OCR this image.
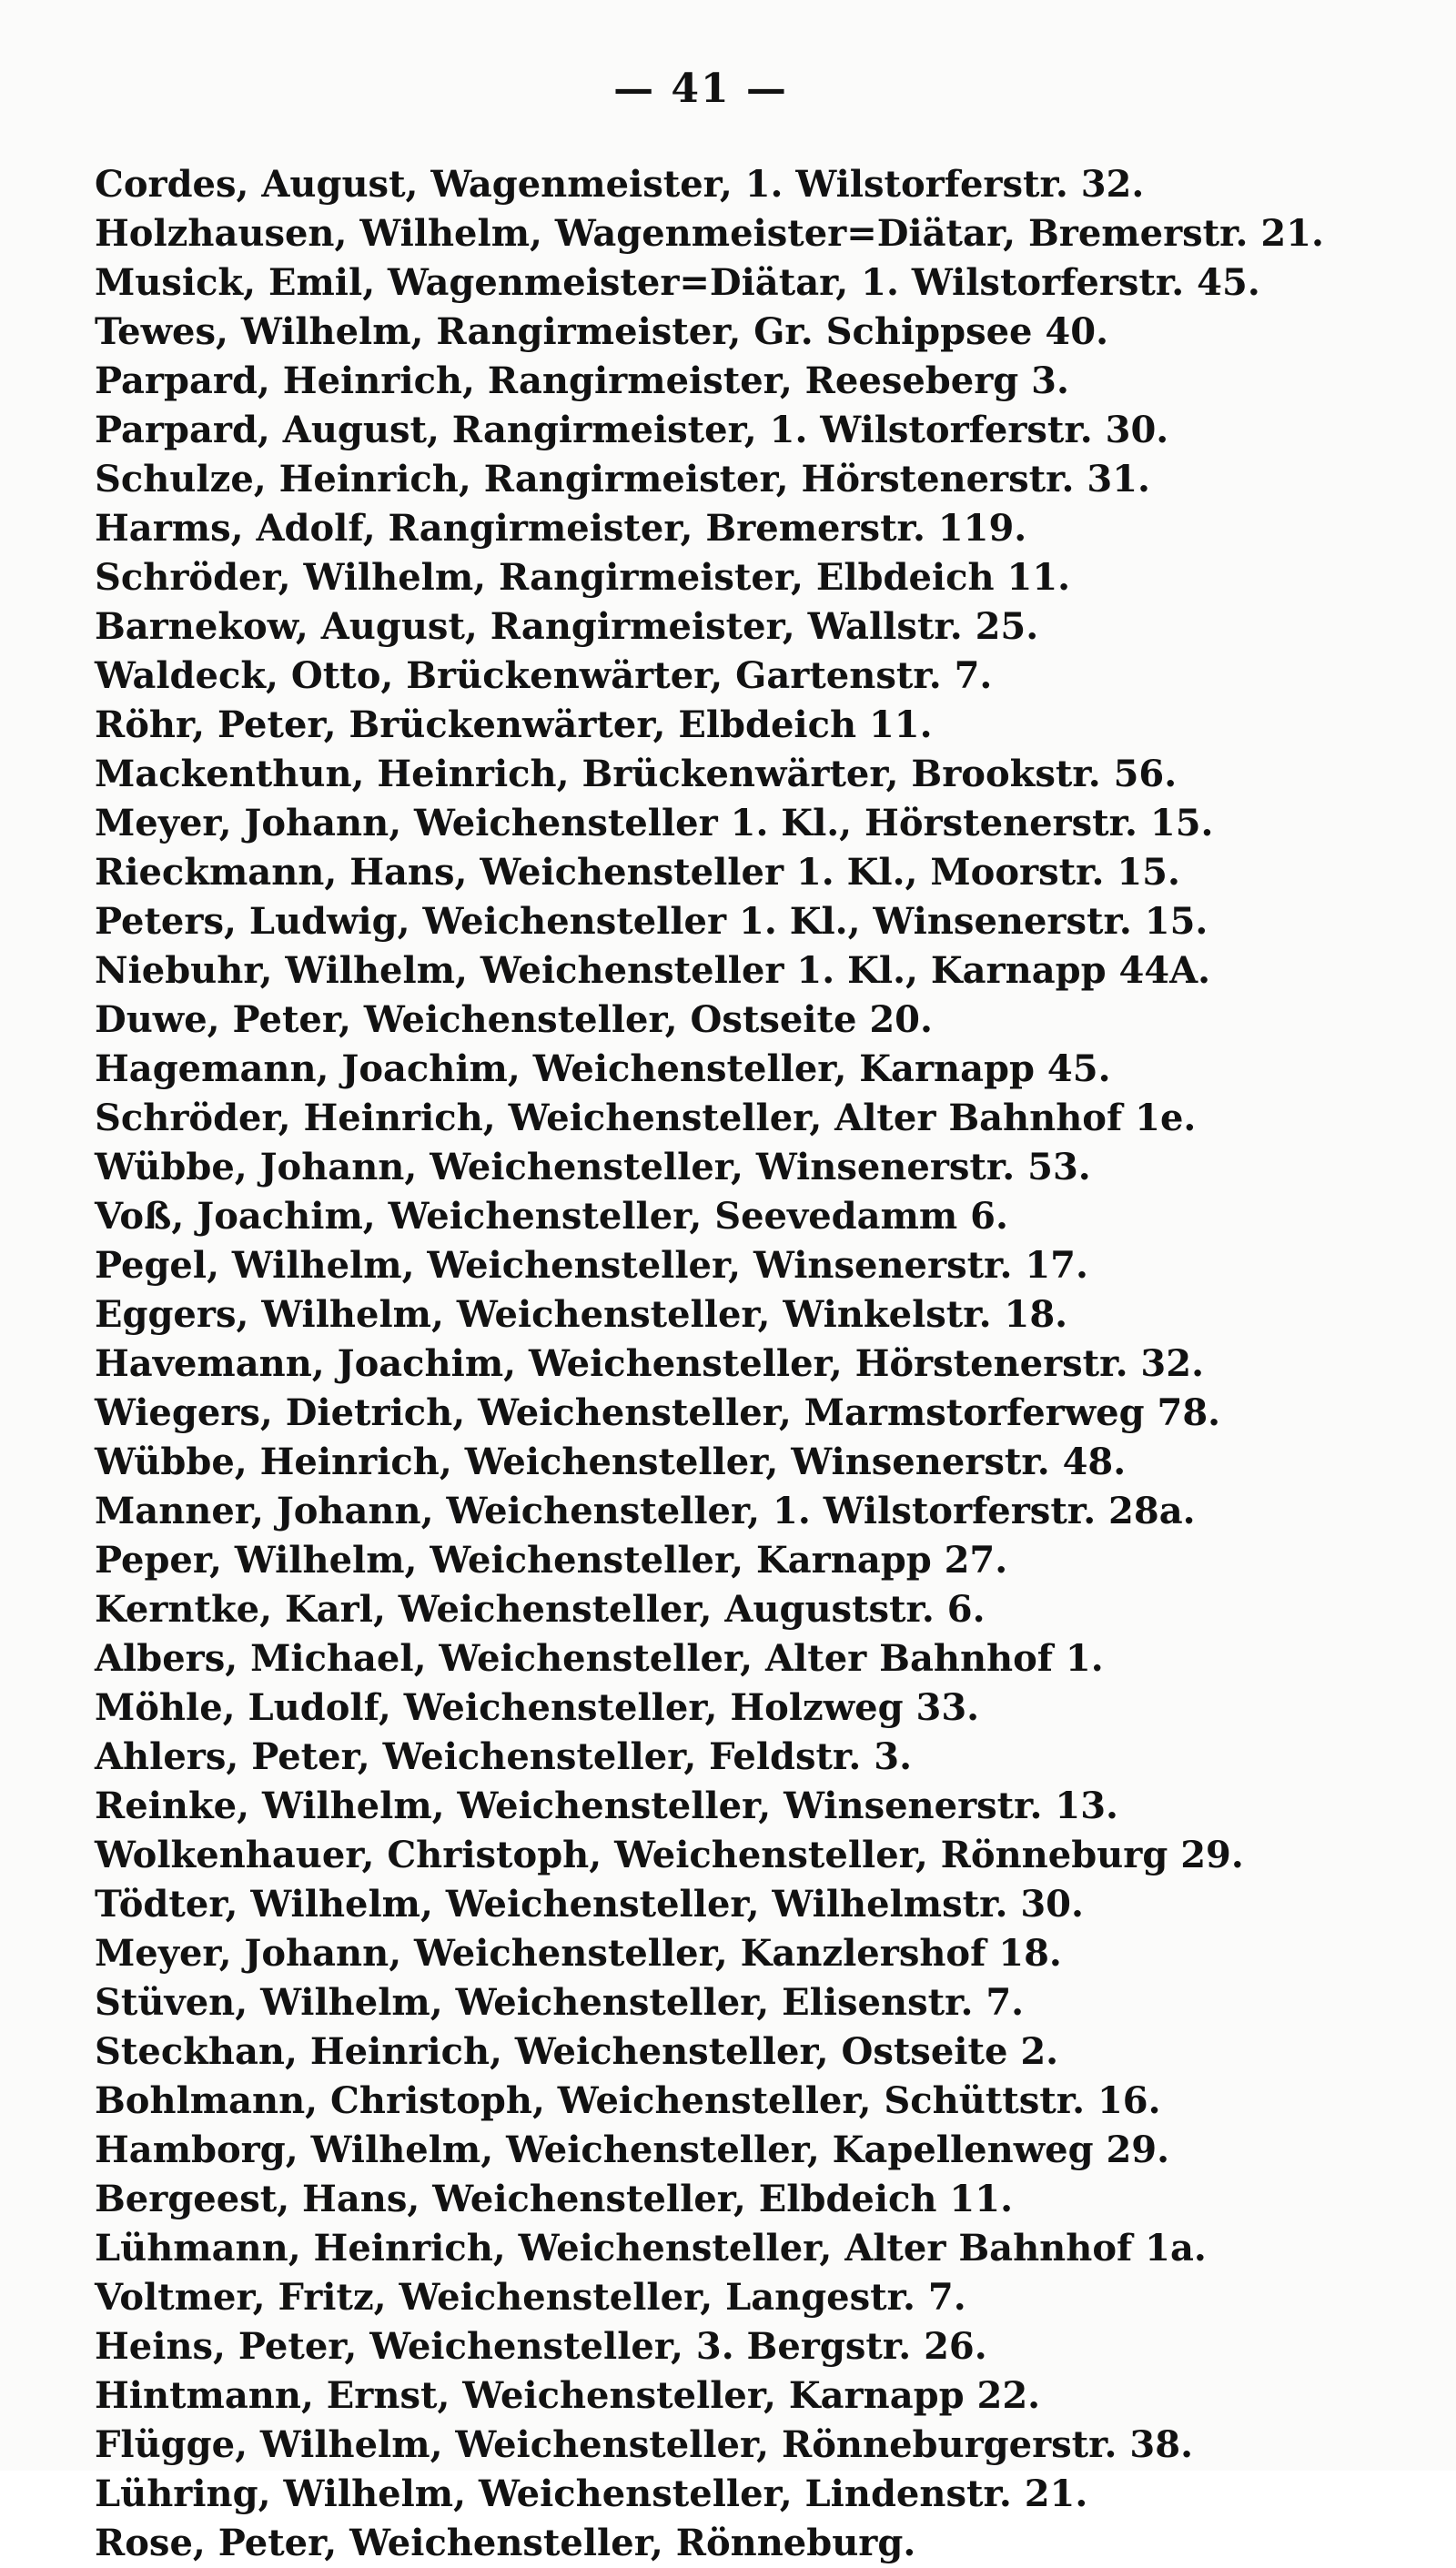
— 41 —
Cordes, August, Wagenmeister, 1. Wilstorferstr. 32.
Holzhausen, Wilhelm, Wagenmeister=Diätar, Bremerstr. 21.
Musick, Emil, Wagenmeister=Diätar, 1. Wilstorferstr. 45.
Tewes, Wilhelm, Rangirmeister, Gr. Schippsee 40.
Parpard, Heinrich, Rangirmeister, Reeseberg 3.
Parpard, August, Rangirmeister, 1. Wilstorferstr. 30.
Schulze, Heinrich, Rangirmeister, Hörstenerstr. 31.
Harms, Adolf, Rangirmeister, Bremerstr. 119.
Schröder, Wilhelm, Rangirmeister, Elbdeich 11.
Barnekow, August, Rangirmeister, Wallstr. 25.
Waldeck, Otto, Brückenwärter, Gartenstr. 7.
Röhr, Peter, Brückenwärter, Elbdeich 11.
Mackenthun, Heinrich, Brückenwärter, Brookstr. 56.
Meyer, Johann, Weichensteller 1. Kl., Hörstenerstr. 15.
Rieckmann, Hans, Weichensteller 1. Kl., Moorstr. 15.
Peters, Ludwig, Weichensteller 1. Kl., Winsenerstr. 15.
Niebuhr, Wilhelm, Weichensteller 1. Kl., Karnapp 44A.
Duwe, Peter, Weichensteller, Ostseite 20.
Hagemann, Joachim, Weichensteller, Karnapp 45.
Schröder, Heinrich, Weichensteller, Alter Bahnhof 1e.
Wübbe, Johann, Weichensteller, Winsenerstr. 53.
Voß, Joachim, Weichensteller, Seevedamm 6.
Pegel, Wilhelm, Weichensteller, Winsenerstr. 17.
Eggers, Wilhelm, Weichensteller, Winkelstr. 18.
Havemann, Joachim, Weichensteller, Hörstenerstr. 32.
Wiegers, Dietrich, Weichensteller, Marmstorferweg 78.
Wübbe, Heinrich, Weichensteller, Winsenerstr. 48.
Manner, Johann, Weichensteller, 1. Wilstorferstr. 28a.
Peper, Wilhelm, Weichensteller, Karnapp 27.
Kerntke, Karl, Weichensteller, Auguststr. 6.
Albers, Michael, Weichensteller, Alter Bahnhof 1.
Möhle, Ludolf, Weichensteller, Holzweg 33.
Ahlers, Peter, Weichensteller, Feldstr. 3.
Reinke, Wilhelm, Weichensteller, Winsenerstr. 13.
Wolkenhauer, Christoph, Weichensteller, Rönneburg 29.
Tödter, Wilhelm, Weichensteller, Wilhelmstr. 30.
Meyer, Johann, Weichensteller, Kanzlershof 18.
Stüven, Wilhelm, Weichensteller, Elisenstr. 7.
Steckhan, Heinrich, Weichensteller, Ostseite 2.
Bohlmann, Christoph, Weichensteller, Schüttstr. 16.
Hamborg, Wilhelm, Weichensteller, Kapellenweg 29.
Bergeest, Hans, Weichensteller, Elbdeich 11.
Lühmann, Heinrich, Weichensteller, Alter Bahnhof 1a.
Voltmer, Fritz, Weichensteller, Langestr. 7.
Heins, Peter, Weichensteller, 3. Bergstr. 26.
Hintmann, Ernst, Weichensteller, Karnapp 22.
Flügge, Wilhelm, Weichensteller, Rönneburgerstr. 38.
Lühring, Wilhelm, Weichensteller, Lindenstr. 21.
Rose, Peter, Weichensteller, Rönneburg.
